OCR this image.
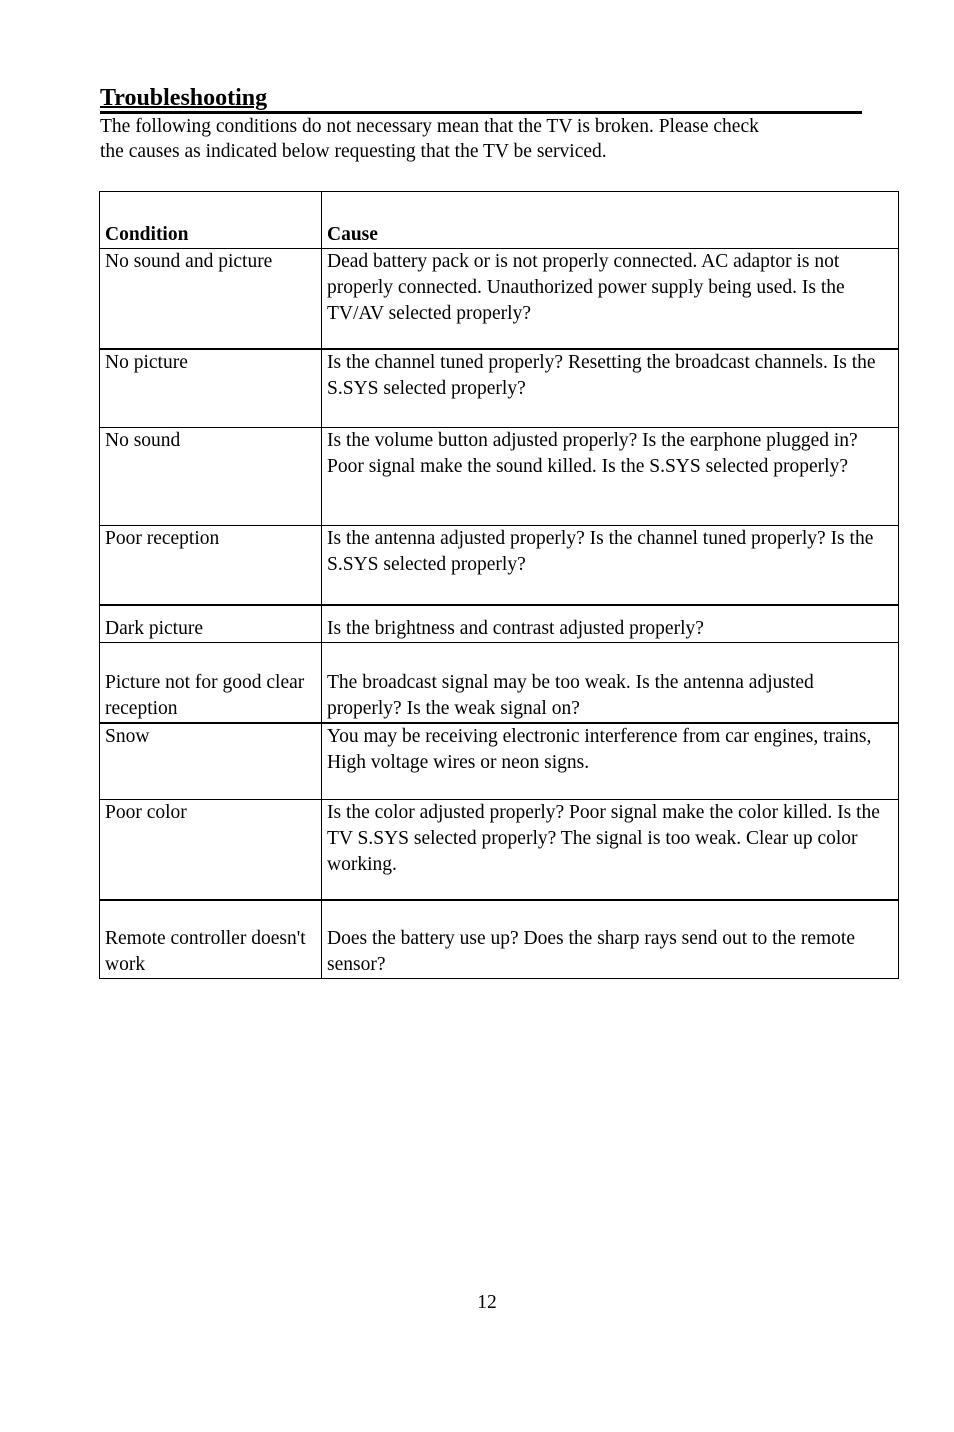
Troubleshooting

The following conditions do not necessary mean that the TV is broken. Please check

the causes as indicated below requesting that the TV be serviced.

Condition	Cause
No sound and picture	Dead battery pack or is not properly connected. AC adaptor is not properly connected. Unauthorized power supply being used. Is the TV/AV selected properly?
No picture	Is the channel tuned properly? Resetting the broadcast channels. Is the S.SYS selected properly?
No sound	Is the volume button adjusted properly? Is the earphone plugged in? Poor signal make the sound killed. Is the S.SYS selected properly?
Poor reception	Is the antenna adjusted properly? Is the channel tuned properly? Is the S.SYS selected properly?
Dark picture	Is the brightness and contrast adjusted properly?
Picture not for good clear reception	The broadcast signal may be too weak. Is the antenna adjusted properly? Is the weak signal on?
Snow	You may be receiving electronic interference from car engines, trains, High voltage wires or neon signs.
Poor color	Is the color adjusted properly? Poor signal make the color killed. Is the TV S.SYS selected properly? The signal is too weak. Clear up color working.
Remote controller doesn't work	Does the battery use up? Does the sharp rays send out to the remote sensor?
12
